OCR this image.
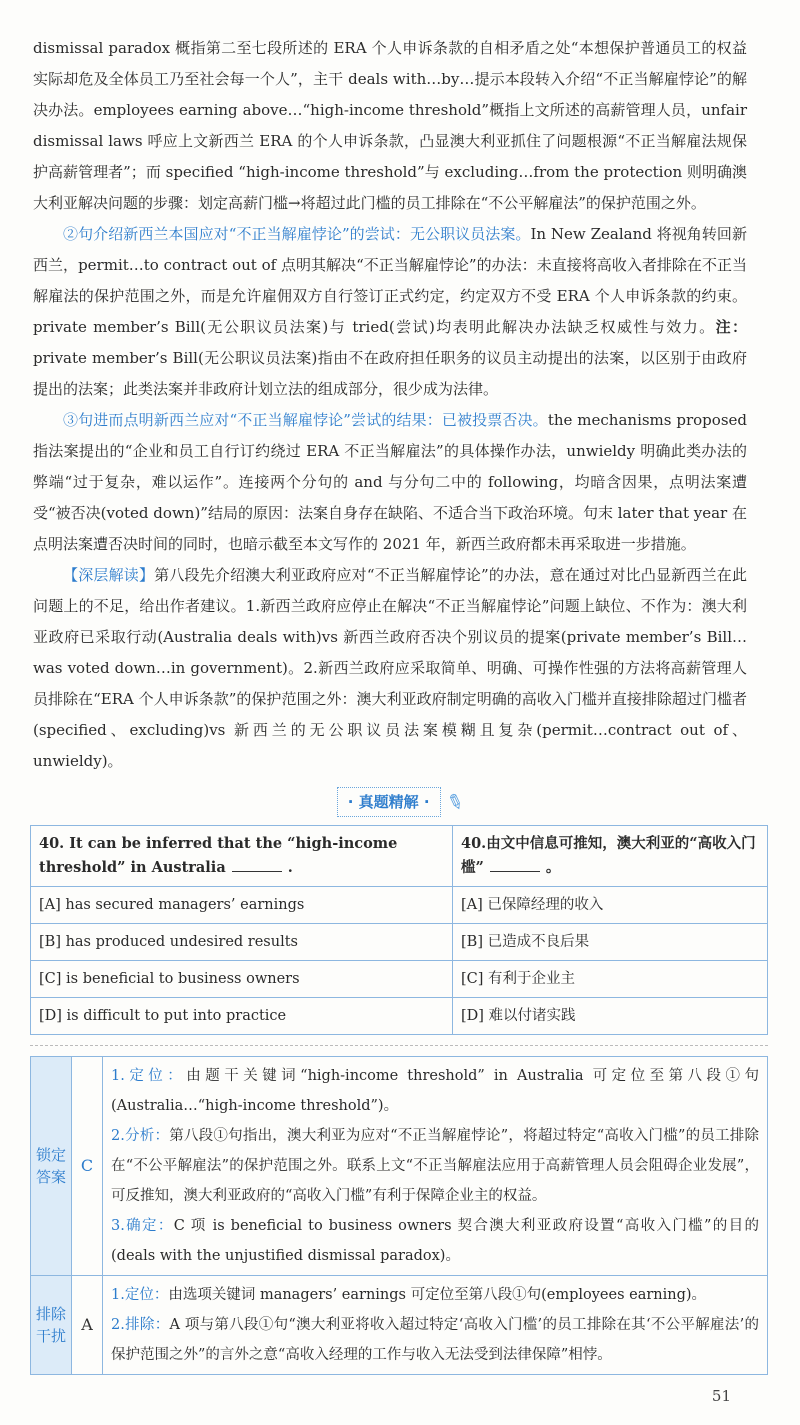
dismissal paradox 概指第二至七段所述的 ERA 个人申诉条款的自相矛盾之处“本想保护普通员工的权益实际却危及全体员工乃至社会每一个人”，主干 deals with…by…提示本段转入介绍“不正当解雇悖论”的解决办法。employees earning above…“high-income threshold”概指上文所述的高薪管理人员，unfair dismissal laws 呼应上文新西兰 ERA 的个人申诉条款，凸显澳大利亚抓住了问题根源“不正当解雇法规保护高薪管理者”；而 specified “high-income threshold”与 excluding…from the protection 则明确澳大利亚解决问题的步骤：划定高薪门槛→将超过此门槛的员工排除在“不公平解雇法”的保护范围之外。

②句介绍新西兰本国应对“不正当解雇悖论”的尝试：无公职议员法案。In New Zealand 将视角转回新西兰，permit…to contract out of 点明其解决“不正当解雇悖论”的办法：未直接将高收入者排除在不正当解雇法的保护范围之外，而是允许雇佣双方自行签订正式约定，约定双方不受 ERA 个人申诉条款的约束。private member’s Bill(无公职议员法案)与 tried(尝试)均表明此解决办法缺乏权威性与效力。注：private member’s Bill(无公职议员法案)指由不在政府担任职务的议员主动提出的法案，以区别于由政府提出的法案；此类法案并非政府计划立法的组成部分，很少成为法律。

③句进而点明新西兰应对“不正当解雇悖论”尝试的结果：已被投票否决。the mechanisms proposed 指法案提出的“企业和员工自行订约绕过 ERA 不正当解雇法”的具体操作办法，unwieldy 明确此类办法的弊端“过于复杂，难以运作”。连接两个分句的 and 与分句二中的 following，均暗含因果，点明法案遭受“被否决(voted down)”结局的原因：法案自身存在缺陷、不适合当下政治环境。句末 later that year 在点明法案遭否决时间的同时，也暗示截至本文写作的 2021 年，新西兰政府都未再采取进一步措施。

【深层解读】第八段先介绍澳大利亚政府应对“不正当解雇悖论”的办法，意在通过对比凸显新西兰在此问题上的不足，给出作者建议。1.新西兰政府应停止在解决“不正当解雇悖论”问题上缺位、不作为：澳大利亚政府已采取行动(Australia deals with)vs 新西兰政府否决个别议员的提案(private member’s Bill…was voted down…in government)。2.新西兰政府应采取简单、明确、可操作性强的方法将高薪管理人员排除在“ERA 个人申诉条款”的保护范围之外：澳大利亚政府制定明确的高收入门槛并直接排除超过门槛者(specified、excluding)vs 新西兰的无公职议员法案模糊且复杂(permit…contract out of、unwieldy)。

· 真题精解 · ✎
40. It can be inferred that the “high-income threshold” in Australia .	40.由文中信息可推知，澳大利亚的“高收入门槛” 。
[A] has secured managers’ earnings	[A] 已保障经理的收入
[B] has produced undesired results	[B] 已造成不良后果
[C] is beneficial to business owners	[C] 有利于企业主
[D] is difficult to put into practice	[D] 难以付诸实践
锁定答案	C	1.定位：由题干关键词“high-income threshold” in Australia 可定位至第八段①句(Australia…“high-income threshold”)。
2.分析：第八段①句指出，澳大利亚为应对“不正当解雇悖论”，将超过特定“高收入门槛”的员工排除在“不公平解雇法”的保护范围之外。联系上文“不正当解雇法应用于高薪管理人员会阻碍企业发展”，可反推知，澳大利亚政府的“高收入门槛”有利于保障企业主的权益。
3.确定：C 项 is beneficial to business owners 契合澳大利亚政府设置“高收入门槛”的目的(deals with the unjustified dismissal paradox)。

排除干扰	A	1.定位：由选项关键词 managers’ earnings 可定位至第八段①句(employees earning)。
2.排除：A 项与第八段①句“澳大利亚将收入超过特定‘高收入门槛’的员工排除在其‘不公平解雇法’的保护范围之外”的言外之意“高收入经理的工作与收入无法受到法律保障”相悖。
51
